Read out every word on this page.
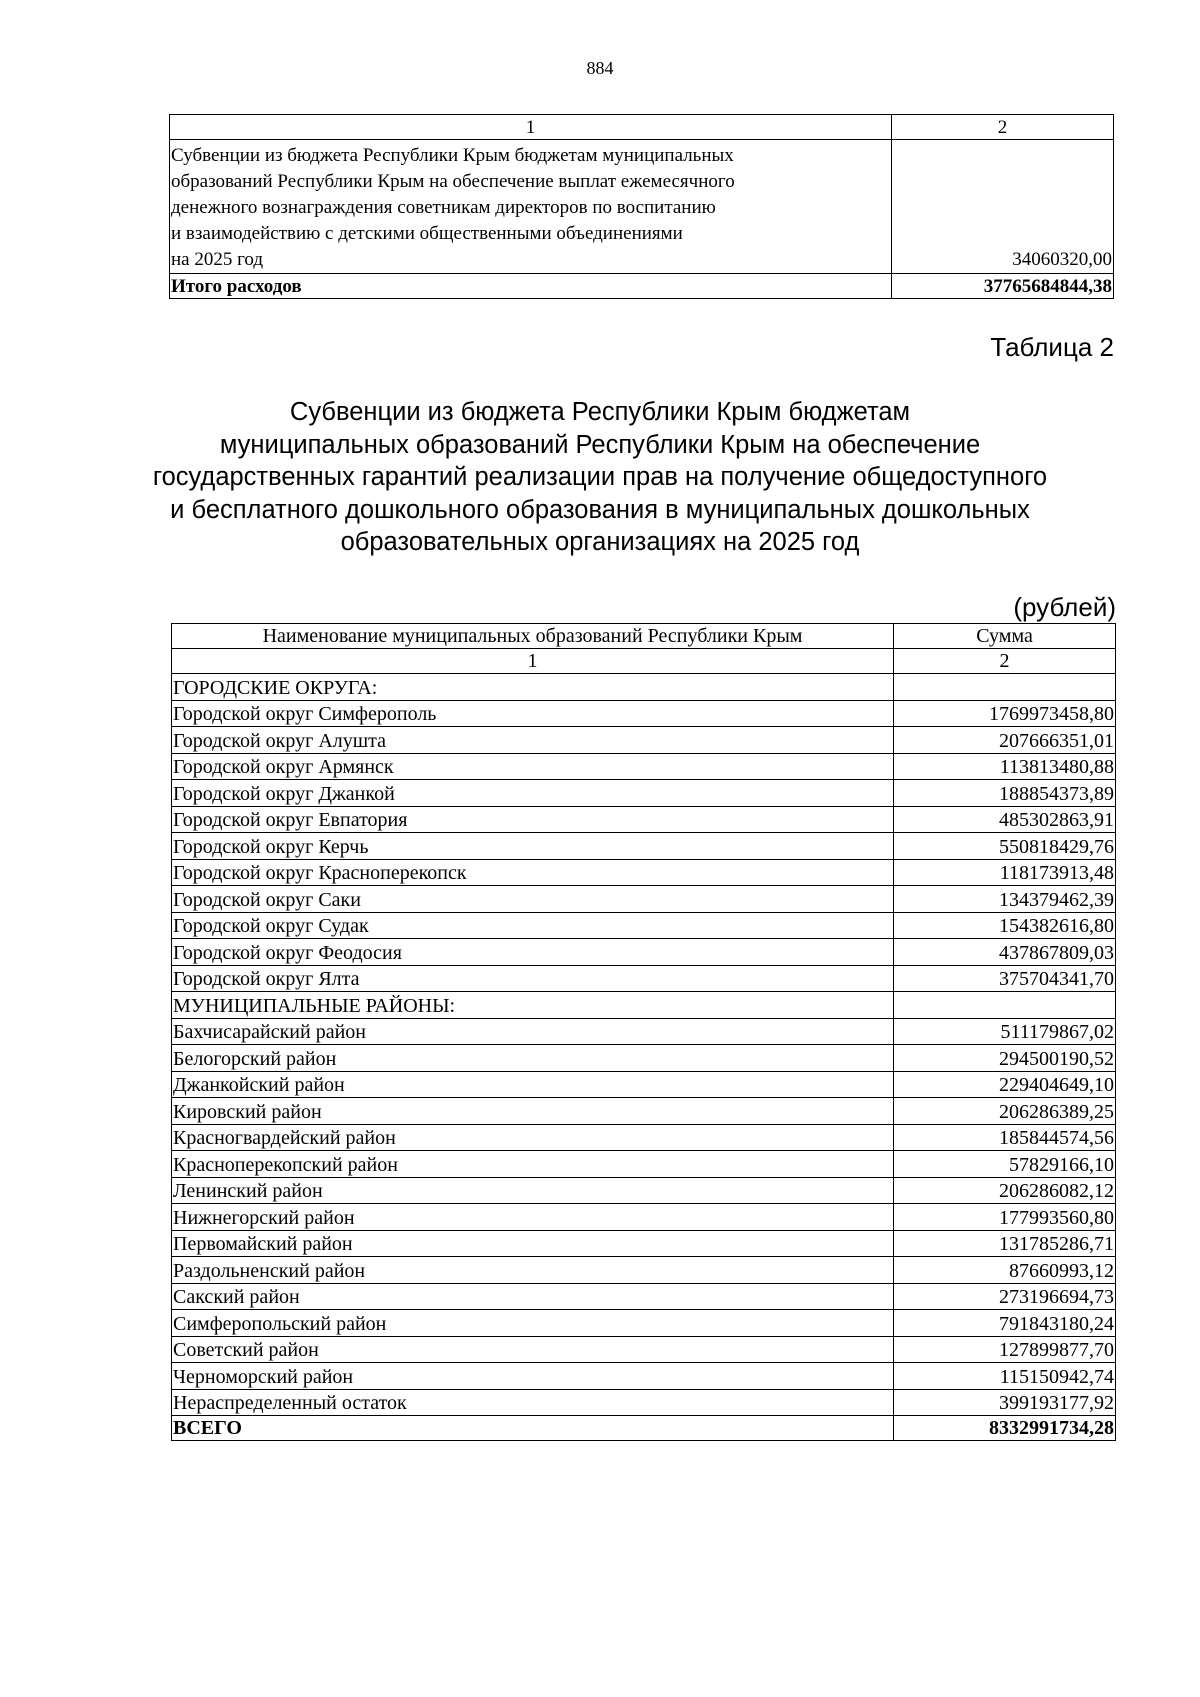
884
1	2

Субвенции из бюджета Республики Крым бюджетам муниципальных
образований Республики Крым на обеспечение выплат ежемесячного
денежного вознаграждения советникам директоров по воспитанию
и взаимодействию с детскими общественными объединениями
на 2025 год	34060320,00
Итого расходов	37765684844,38
Таблица 2
Субвенции из бюджета Республики Крым бюджетам
муниципальных образований Республики Крым на обеспечение
государственных гарантий реализации прав на получение общедоступного
и бесплатного дошкольного образования в муниципальных дошкольных
образовательных организациях на 2025 год
(рублей)
Наименование муниципальных образований Республики Крым	Сумма
1	2
ГОРОДСКИЕ ОКРУГА:	
Городской округ Симферополь	1769973458,80
Городской округ Алушта	207666351,01
Городской округ Армянск	113813480,88
Городской округ Джанкой	188854373,89
Городской округ Евпатория	485302863,91
Городской округ Керчь	550818429,76
Городской округ Красноперекопск	118173913,48
Городской округ Саки	134379462,39
Городской округ Судак	154382616,80
Городской округ Феодосия	437867809,03
Городской округ Ялта	375704341,70
МУНИЦИПАЛЬНЫЕ РАЙОНЫ:	
Бахчисарайский район	511179867,02
Белогорский район	294500190,52
Джанкойский район	229404649,10
Кировский район	206286389,25
Красногвардейский район	185844574,56
Красноперекопский район	57829166,10
Ленинский район	206286082,12
Нижнегорский район	177993560,80
Первомайский район	131785286,71
Раздольненский район	87660993,12
Сакский район	273196694,73
Симферопольский район	791843180,24
Советский район	127899877,70
Черноморский район	115150942,74
Нераспределенный остаток	399193177,92
ВСЕГО	8332991734,28
